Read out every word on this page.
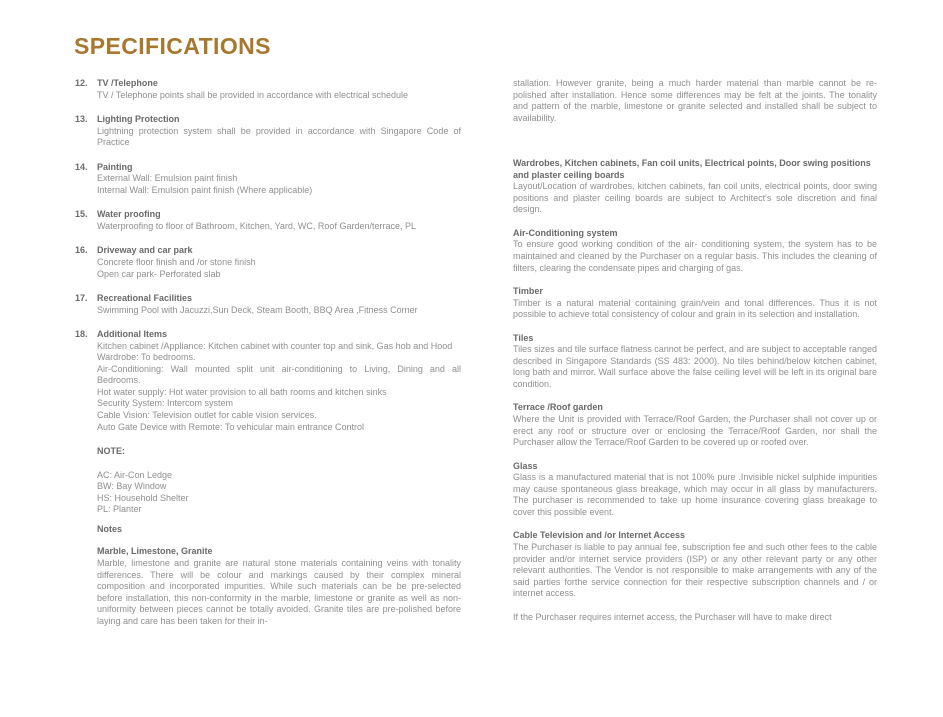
SPECIFICATIONS
12.	TV /Telephone

TV / Telephone points shall be provided in accordance with electrical schedule

13.	Lighting Protection

Lightning protection system shall be provided in accordance with Singapore Code of Practice

14.	Painting

External Wall: Emulsion paint finish

Internal Wall: Emulsion paint finish (Where applicable)

15.	Water proofing

Waterproofing to floor of Bathroom, Kitchen, Yard, WC, Roof Garden/terrace, PL

16.	Driveway and car park

Concrete floor finish and /or stone finish

Open car park- Perforated slab

17.	Recreational Facilities

Swimming Pool with Jacuzzi,Sun Deck, Steam Booth, BBQ Area ,Fitness Corner

18.	Additional Items

Kitchen cabinet /Appliance: Kitchen cabinet with counter top and sink, Gas hob and Hood

Wardrobe: To bedrooms.

Air-Conditioning: Wall mounted split unit air-conditioning to Living, Dining and all Bedrooms.

Hot water supply: Hot water provision to all bath rooms and kitchen sinks

Security System: Intercom system

Cable Vision: Television outlet for cable vision services.

Auto Gate Device with Remote: To vehicular main entrance Control

NOTE:

AC: Air-Con Ledge

BW: Bay Window

HS: Household Shelter

PL: Planter

Notes
Marble, Limestone, Granite

Marble, limestone and granite are natural stone materials containing veins with tonality differences. There will be colour and markings caused by their complex mineral composition and incorporated impurities. While such materials can be be pre-selected before installation, this non-conformity in the marble, limestone or granite as well as non-uniformity between pieces cannot be totally avoided. Granite tiles are pre-polished before laying and care has been taken for their in-

stallation. However granite, being a much harder material than marble cannot be re-polished after installation. Hence some differences may be felt at the joints. The tonality and pattern of the marble, limestone or granite selected and installed shall be subject to availability.

Wardrobes, Kitchen cabinets, Fan coil units, Electrical points, Door swing positions and plaster ceiling boards

Layout/Location of wardrobes, kitchen cabinets, fan coil units, electrical points, door swing positions and plaster ceiling boards are subject to Architect's sole discretion and final design.

Air-Conditioning system

To ensure good working condition of the air- conditioning system, the system has to be maintained and cleaned by the Purchaser on a regular basis. This includes the cleaning of filters, clearing the condensate pipes and charging of gas.

Timber

Timber is a natural material containing grain/vein and tonal differences. Thus it is not possible to achieve total consistency of colour and grain in its selection and installation.

Tiles

Tiles sizes and tile surface flatness cannot be perfect, and are subject to acceptable ranged described in Singapore Standards (SS 483: 2000). No tiles behind/below kitchen cabinet, long bath and mirror. Wall surface above the false ceiling level will be left in its original bare condition.

Terrace /Roof garden

Where the Unit is provided with Terrace/Roof Garden, the Purchaser shall not cover up or erect any roof or structure over or enclosing the Terrace/Roof Garden, nor shall the Purchaser allow the Terrace/Roof Garden to be covered up or roofed over.

Glass

Glass is a manufactured material that is not 100% pure .Invisible nickel sulphide impurities may cause spontaneous glass breakage, which may occur in all glass by manufacturers. The purchaser is recommended to take up home insurance covering glass breakage to cover this possible event.

Cable Television and /or Internet Access

The Purchaser is liable to pay annual fee, subscription fee and such other fees to the cable provider and/or internet service providers (ISP) or any other relevant party or any other relevant authorities. The Vendor is not responsible to make arrangements with any of the said parties forthe service connection for their respective subscription channels and / or internet access.

If the Purchaser requires internet access, the Purchaser will have to make direct
